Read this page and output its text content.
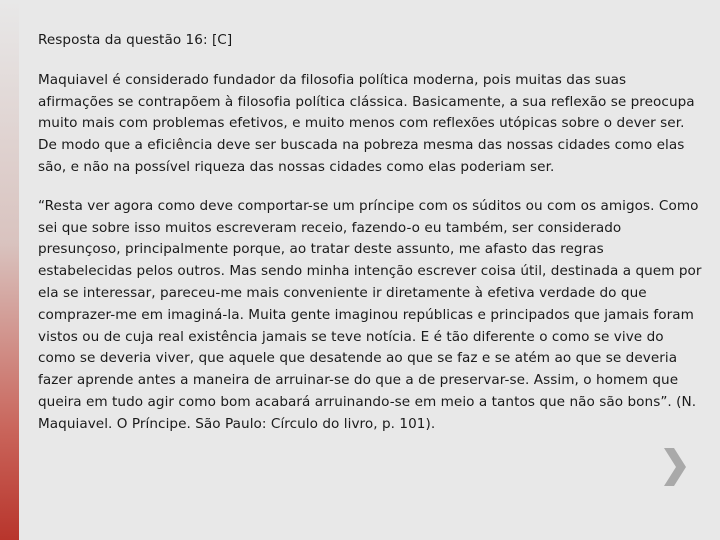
Resposta da questão 16: [C]

Maquiavel é considerado fundador da filosofia política moderna, pois muitas das suas afirmações se contrapõem à filosofia política clássica. Basicamente, a sua reflexão se preocupa muito mais com problemas efetivos, e muito menos com reflexões utópicas sobre o dever ser. De modo que a eficiência deve ser buscada na pobreza mesma das nossas cidades como elas são, e não na possível riqueza das nossas cidades como elas poderiam ser.

“Resta ver agora como deve comportar-se um príncipe com os súditos ou com os amigos. Como sei que sobre isso muitos escreveram receio, fazendo-o eu também, ser considerado presunçoso, principalmente porque, ao tratar deste assunto, me afasto das regras estabelecidas pelos outros. Mas sendo minha intenção escrever coisa útil, destinada a quem por ela se interessar, pareceu-me mais conveniente ir diretamente à efetiva verdade do que comprazer-me em imaginá-la. Muita gente imaginou repúblicas e principados que jamais foram vistos ou de cuja real existência jamais se teve notícia. E é tão diferente o como se vive do como se deveria viver, que aquele que desatende ao que se faz e se atém ao que se deveria fazer aprende antes a maneira de arruinar-se do que a de preservar-se. Assim, o homem que queira em tudo agir como bom acabará arruinando-se em meio a tantos que não são bons”. (N. Maquiavel. O Príncipe. São Paulo: Círculo do livro, p. 101).
